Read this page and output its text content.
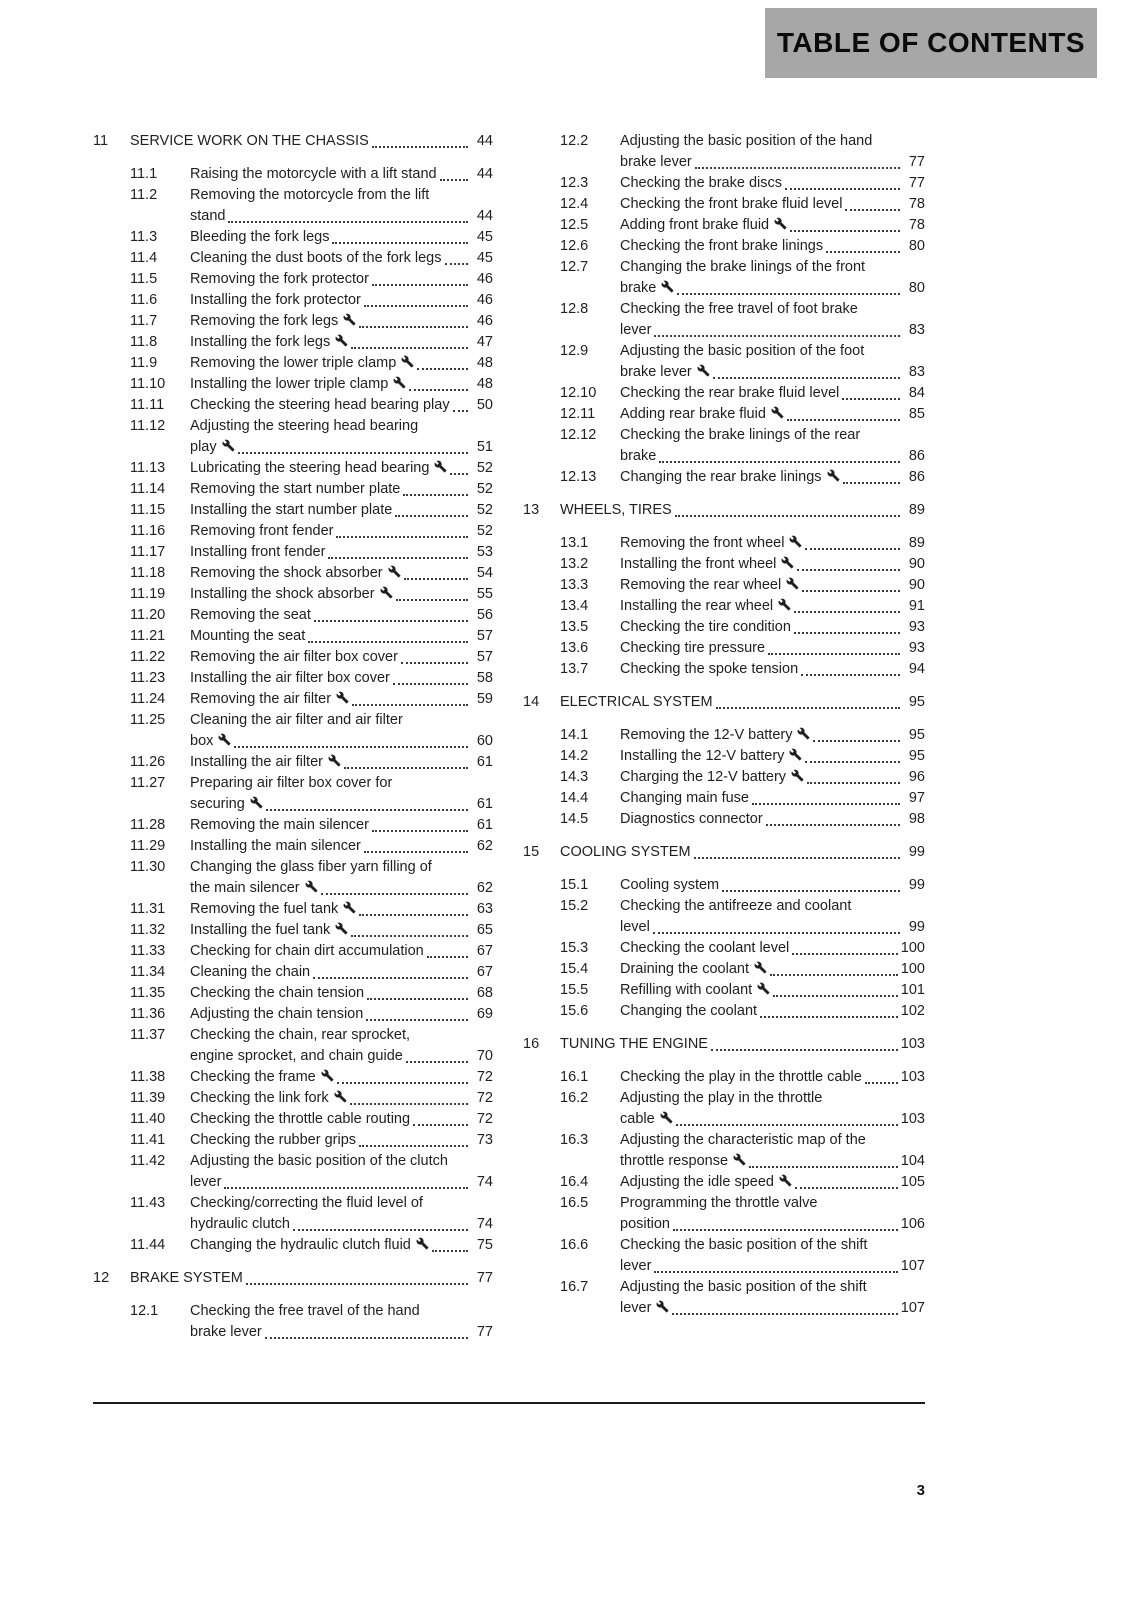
TABLE OF CONTENTS
11	SERVICE WORK ON THE CHASSIS	44
11.1	Raising the motorcycle with a lift stand	44
11.2	Removing the motorcycle from the lift
stand	44
11.3	Bleeding the fork legs	45
11.4	Cleaning the dust boots of the fork legs	45
11.5	Removing the fork protector	46
11.6	Installing the fork protector	46
11.7	Removing the fork legs	46
11.8	Installing the fork legs	47
11.9	Removing the lower triple clamp	48
11.10	Installing the lower triple clamp	48
11.11	Checking the steering head bearing play	50
11.12	Adjusting the steering head bearing
play	51
11.13	Lubricating the steering head bearing	52
11.14	Removing the start number plate	52
11.15	Installing the start number plate	52
11.16	Removing front fender	52
11.17	Installing front fender	53
11.18	Removing the shock absorber	54
11.19	Installing the shock absorber	55
11.20	Removing the seat	56
11.21	Mounting the seat	57
11.22	Removing the air filter box cover	57
11.23	Installing the air filter box cover	58
11.24	Removing the air filter	59
11.25	Cleaning the air filter and air filter
box	60
11.26	Installing the air filter	61
11.27	Preparing air filter box cover for
securing	61
11.28	Removing the main silencer	61
11.29	Installing the main silencer	62
11.30	Changing the glass fiber yarn filling of
the main silencer	62
11.31	Removing the fuel tank	63
11.32	Installing the fuel tank	65
11.33	Checking for chain dirt accumulation	67
11.34	Cleaning the chain	67
11.35	Checking the chain tension	68
11.36	Adjusting the chain tension	69
11.37	Checking the chain, rear sprocket,
engine sprocket, and chain guide	70
11.38	Checking the frame	72
11.39	Checking the link fork	72
11.40	Checking the throttle cable routing	72
11.41	Checking the rubber grips	73
11.42	Adjusting the basic position of the clutch
lever	74
11.43	Checking/correcting the fluid level of
hydraulic clutch	74
11.44	Changing the hydraulic clutch fluid	75
12	BRAKE SYSTEM	77
12.1	Checking the free travel of the hand
brake lever	77
12.2	Adjusting the basic position of the hand
brake lever	77
12.3	Checking the brake discs	77
12.4	Checking the front brake fluid level	78
12.5	Adding front brake fluid	78
12.6	Checking the front brake linings	80
12.7	Changing the brake linings of the front
brake	80
12.8	Checking the free travel of foot brake
lever	83
12.9	Adjusting the basic position of the foot
brake lever	83
12.10	Checking the rear brake fluid level	84
12.11	Adding rear brake fluid	85
12.12	Checking the brake linings of the rear
brake	86
12.13	Changing the rear brake linings	86
13	WHEELS, TIRES	89
13.1	Removing the front wheel	89
13.2	Installing the front wheel	90
13.3	Removing the rear wheel	90
13.4	Installing the rear wheel	91
13.5	Checking the tire condition	93
13.6	Checking tire pressure	93
13.7	Checking the spoke tension	94
14	ELECTRICAL SYSTEM	95
14.1	Removing the 12-V battery	95
14.2	Installing the 12-V battery	95
14.3	Charging the 12-V battery	96
14.4	Changing main fuse	97
14.5	Diagnostics connector	98
15	COOLING SYSTEM	99
15.1	Cooling system	99
15.2	Checking the antifreeze and coolant
level	99
15.3	Checking the coolant level	100
15.4	Draining the coolant	100
15.5	Refilling with coolant	101
15.6	Changing the coolant	102
16	TUNING THE ENGINE	103
16.1	Checking the play in the throttle cable	103
16.2	Adjusting the play in the throttle
cable	103
16.3	Adjusting the characteristic map of the
throttle response	104
16.4	Adjusting the idle speed	105
16.5	Programming the throttle valve
position	106
16.6	Checking the basic position of the shift
lever	107
16.7	Adjusting the basic position of the shift
lever	107
3
